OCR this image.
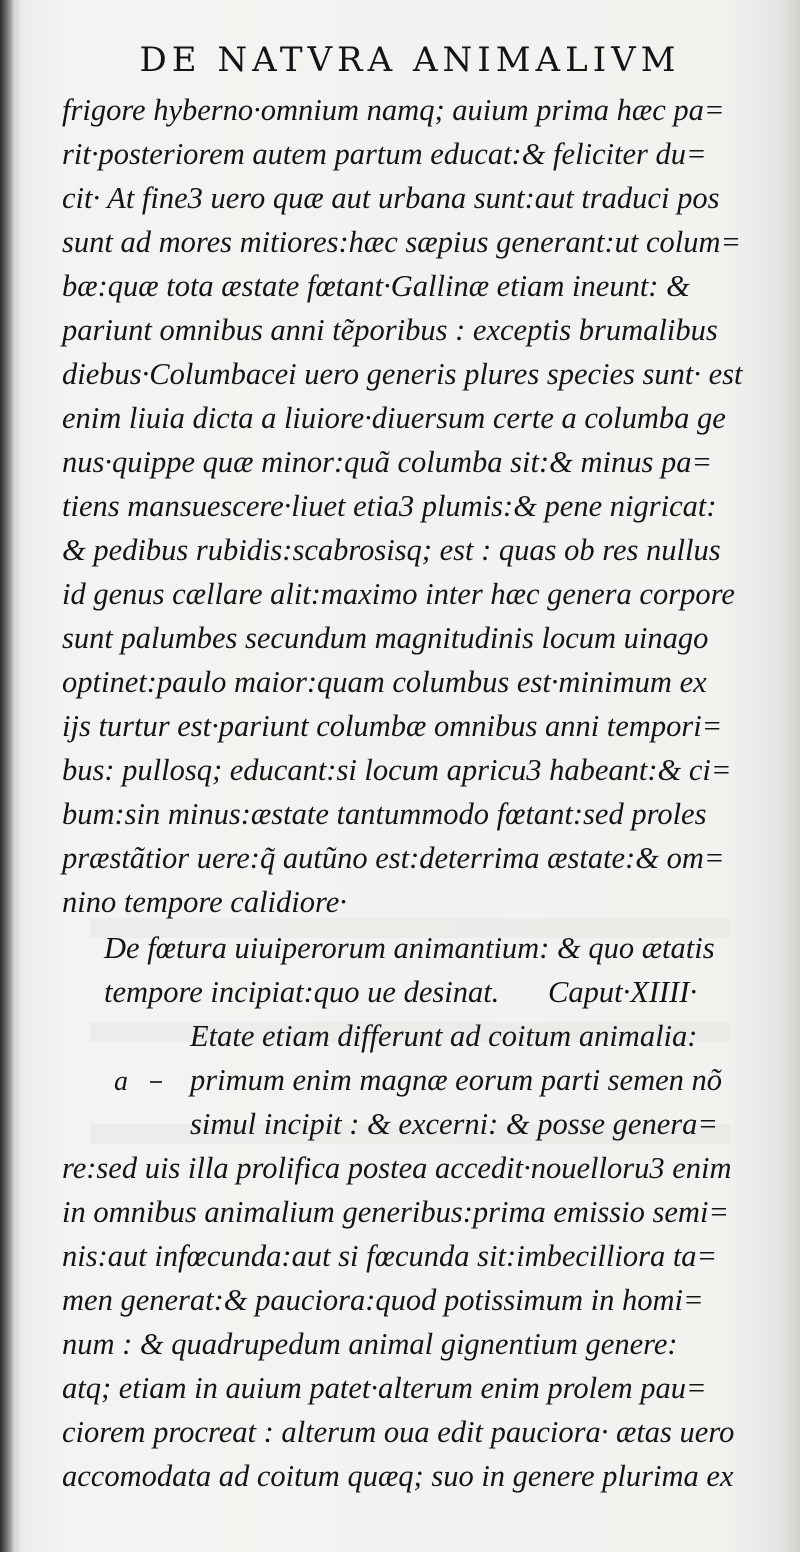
DE NATVRA ANIMALIVM
frigore hyberno·omnium namq; auium prima hæc pa=
rit·posteriorem autem partum educat:& feliciter du=
cit· At fine3 uero quæ aut urbana sunt:aut traduci pos
sunt ad mores mitiores:hæc sæpius generant:ut colum=
bæ:quæ tota æstate fœtant·Gallinæ etiam ineunt: &
pariunt omnibus anni tẽporibus : exceptis brumalibus
diebus·Columbacei uero generis plures species sunt· est
enim liuia dicta a liuiore·diuersum certe a columba ge
nus·quippe quæ minor:quã columba sit:& minus pa=
tiens mansuescere·liuet etia3 plumis:& pene nigricat:
& pedibus rubidis:scabrosisq; est : quas ob res nullus
id genus cællare alit:maximo inter hæc genera corpore
sunt palumbes secundum magnitudinis locum uinago
optinet:paulo maior:quam columbus est·minimum ex
ijs turtur est·pariunt columbæ omnibus anni tempori=
bus: pullosq; educant:si locum apricu3 habeant:& ci=
bum:sin minus:æstate tantummodo fœtant:sed proles
præstãtior uere:q̃ autũno est:deterrima æstate:& om=
nino tempore calidiore·
De fœtura uiuiperorum animantium: & quo ætatis
tempore incipiat:quo ue desinat. Caput·XIIII·
a
Etate etiam differunt ad coitum animalia:
primum enim magnæ eorum parti semen nõ
simul incipit : & excerni: & posse genera=
re:sed uis illa prolifica postea accedit·nouelloru3 enim
in omnibus animalium generibus:prima emissio semi=
nis:aut infœcunda:aut si fœcunda sit:imbecilliora ta=
men generat:& pauciora:quod potissimum in homi=
num : & quadrupedum animal gignentium genere:
atq; etiam in auium patet·alterum enim prolem pau=
ciorem procreat : alterum oua edit pauciora· ætas uero
accomodata ad coitum quæq; suo in genere plurima ex
